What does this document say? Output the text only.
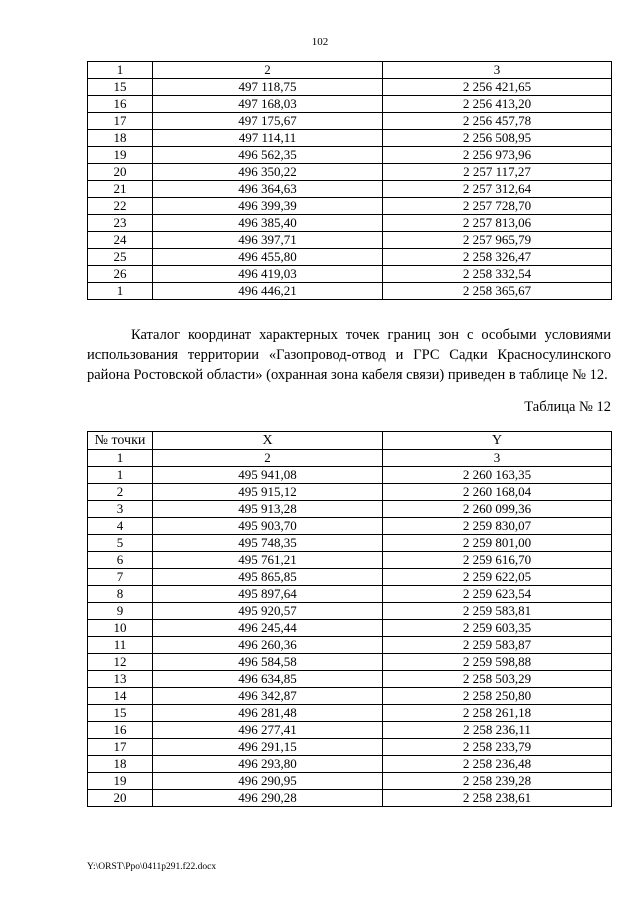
102
1	2	3
15	497 118,75	2 256 421,65
16	497 168,03	2 256 413,20
17	497 175,67	2 256 457,78
18	497 114,11	2 256 508,95
19	496 562,35	2 256 973,96
20	496 350,22	2 257 117,27
21	496 364,63	2 257 312,64
22	496 399,39	2 257 728,70
23	496 385,40	2 257 813,06
24	496 397,71	2 257 965,79
25	496 455,80	2 258 326,47
26	496 419,03	2 258 332,54
1	496 446,21	2 258 365,67

Каталог координат характерных точек границ зон с особыми условиями использования территории «Газопровод-отвод и ГРС Садки Красносулинского района Ростовской области» (охранная зона кабеля связи) приведен в таблице № 12.

Таблица № 12
№ точки	X	Y
1	2	3
1	495 941,08	2 260 163,35
2	495 915,12	2 260 168,04
3	495 913,28	2 260 099,36
4	495 903,70	2 259 830,07
5	495 748,35	2 259 801,00
6	495 761,21	2 259 616,70
7	495 865,85	2 259 622,05
8	495 897,64	2 259 623,54
9	495 920,57	2 259 583,81
10	496 245,44	2 259 603,35
11	496 260,36	2 259 583,87
12	496 584,58	2 259 598,88
13	496 634,85	2 258 503,29
14	496 342,87	2 258 250,80
15	496 281,48	2 258 261,18
16	496 277,41	2 258 236,11
17	496 291,15	2 258 233,79
18	496 293,80	2 258 236,48
19	496 290,95	2 258 239,28
20	496 290,28	2 258 238,61
Y:\ORST\Ppo\0411p291.f22.docx
